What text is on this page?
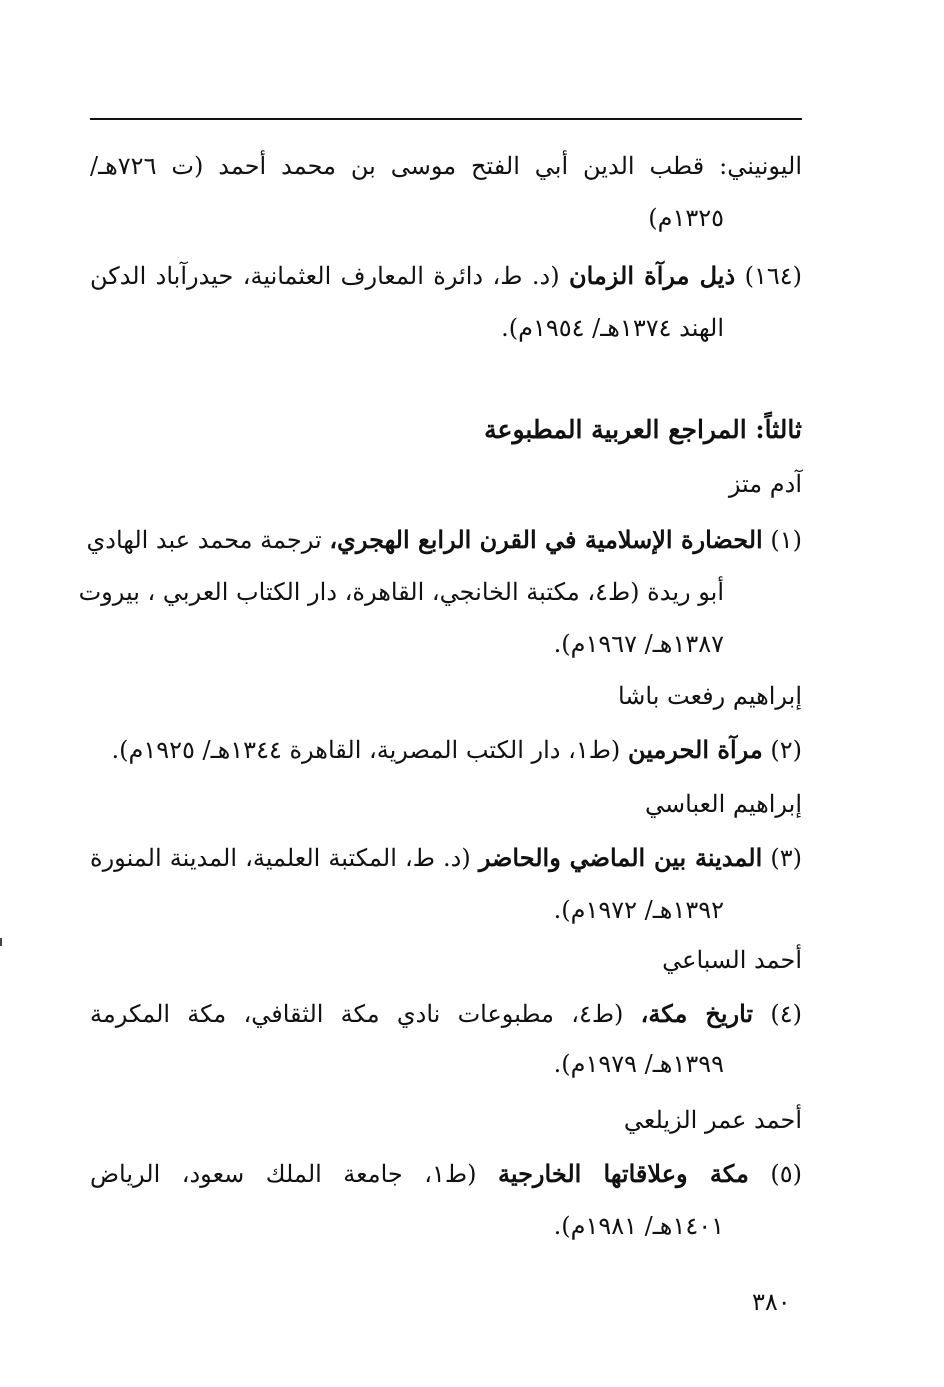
اليونيني: قطب الدين أبي الفتح موسى بن محمد أحمد (ت ٧٢٦هـ/
١٣٢٥م)
(١٦٤) ذيل مرآة الزمان (د. ط، دائرة المعارف العثمانية، حيدرآباد الدكن
الهند ١٣٧٤هـ/ ١٩٥٤م).
ثالثاً: المراجع العربية المطبوعة
آدم متز
(١) الحضارة الإسلامية في القرن الرابع الهجري، ترجمة محمد عبد الهادي
أبو ريدة (ط٤، مكتبة الخانجي، القاهرة، دار الكتاب العربي ، بيروت
١٣٨٧هـ/ ١٩٦٧م).
إبراهيم رفعت باشا
(٢) مرآة الحرمين (ط١، دار الكتب المصرية، القاهرة ١٣٤٤هـ/ ١٩٢٥م).
إبراهيم العباسي
(٣) المدينة بين الماضي والحاضر (د. ط، المكتبة العلمية، المدينة المنورة
١٣٩٢هـ/ ١٩٧٢م).
أحمد السباعي
(٤) تاريخ مكة، (ط٤، مطبوعات نادي مكة الثقافي، مكة المكرمة
١٣٩٩هـ/ ١٩٧٩م).
أحمد عمر الزيلعي
(٥) مكة وعلاقاتها الخارجية (ط١، جامعة الملك سعود، الرياض
١٤٠١هـ/ ١٩٨١م).
٣٨٠
